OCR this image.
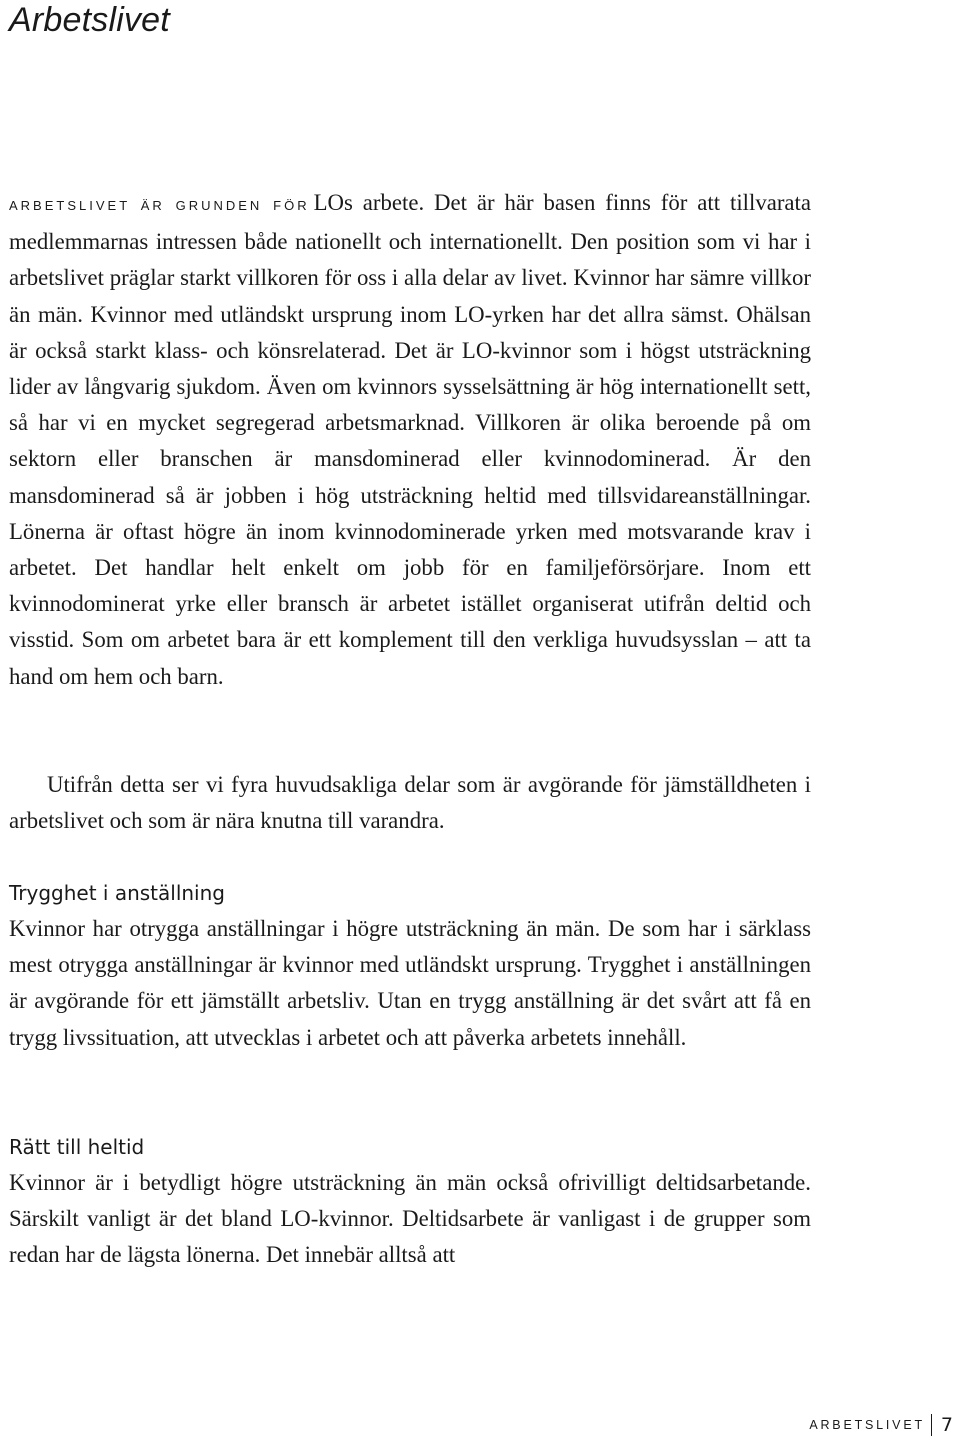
Arbetslivet

ARBETSLIVET ÄR GRUNDEN FÖR LOs arbete. Det är här basen finns för att tillvarata medlemmarnas intressen både nationellt och internationellt. Den position som vi har i arbetslivet präglar starkt villkoren för oss i alla delar av livet. Kvinnor har sämre villkor än män. Kvinnor med utländskt ursprung inom LO-yrken har det allra sämst. Ohälsan är också starkt klass- och könsrelaterad. Det är LO-kvinnor som i högst utsträckning lider av långvarig sjukdom. Även om kvinnors sysselsättning är hög internationellt sett, så har vi en mycket segregerad arbetsmarknad. Villkoren är olika beroende på om sektorn eller branschen är mansdominerad eller kvinnodominerad. Är den mansdominerad så är jobben i hög utsträckning heltid med tillsvidareanställningar. Lönerna är oftast högre än inom kvinnodominerade yrken med motsvarande krav i arbetet. Det handlar helt enkelt om jobb för en familjeförsörjare. Inom ett kvinnodominerat yrke eller bransch är arbetet istället organiserat utifrån deltid och visstid. Som om arbetet bara är ett komplement till den verkliga huvudsysslan – att ta hand om hem och barn.

Utifrån detta ser vi fyra huvudsakliga delar som är avgörande för jämställdheten i arbetslivet och som är nära knutna till varandra.

Trygghet i anställning

Kvinnor har otrygga anställningar i högre utsträckning än män. De som har i särklass mest otrygga anställningar är kvinnor med utländskt ursprung. Trygghet i anställningen är avgörande för ett jämställt arbetsliv. Utan en trygg anställning är det svårt att få en trygg livssituation, att utvecklas i arbetet och att påverka arbetets innehåll.

Rätt till heltid

Kvinnor är i betydligt högre utsträckning än män också ofrivilligt deltidsarbetande. Särskilt vanligt är det bland LO-kvinnor. Deltidsarbete är vanligast i de grupper som redan har de lägsta lönerna. Det innebär alltså att

ARBETSLIVET 7
